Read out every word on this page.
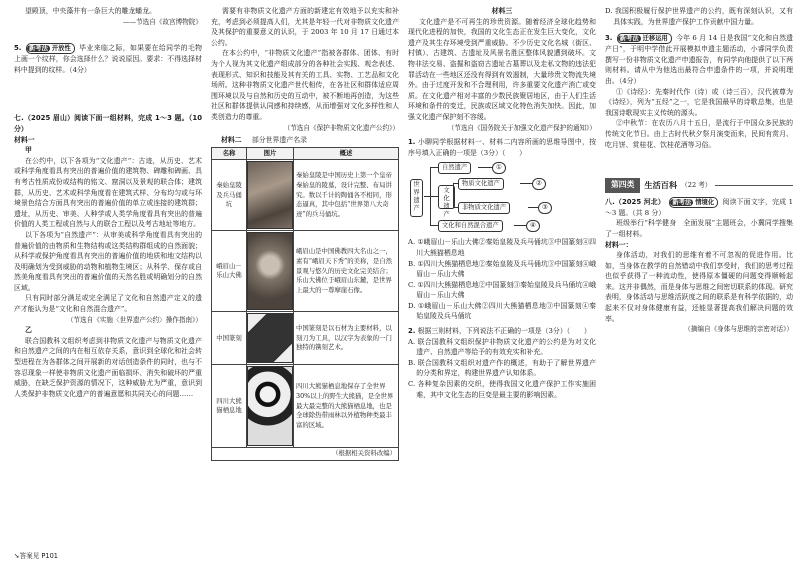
望殿顶，中央藻井有一条巨大的雕龙蟠龙。

——节选自《故宫博物院》

5. 新考法 开放性 毕业来临之际，如果要在给同学的毛物上画一个纹样，你会选择什么？说说原因。要求：不得选择材料中提到的纹样。（4分）

七.（2025 眉山）阅读下面一组材料，完成 1～3 题。（10分）

材料一

甲

在公约中，以下各项为“文化遗产”：古迹，从历史、艺术或科学角度看具有突出的普遍价值的建筑物、碑雕和碑画、具有考古性质成份或结构的铭文、窟洞以及景观的联合体；建筑群，从历史、艺术或科学角度看在建筑式样、分布均匀或与环境景色结合方面具有突出的普遍价值的单立或连接的建筑群；遗址，从历史、审美、人种学或人类学角度看具有突出的普遍价值的人类工程或自然与人的联合工程以及考古地址等地方。

以下各项为“自然遗产”：从审美或科学角度看具有突出的普遍价值的由物质和生物结构或这类结构群组成的自然面貌；从科学或保护角度看具有突出的普遍价值的地质和地文结构以及明确划为受到威胁的动物和植物生境区；从科学、保存或自然美角度看具有突出的普遍价值的天然名胜或明确划分的自然区域。

只有同时部分满足或完全满足了文化和自然遗产定义的遗产才能认为是“文化和自然混合遗产”。

（节选自《实施〈世界遗产公约〉操作指南》）

乙

联合国教科文组织考虑到非物质文化遗产与物质文化遗产和自然遗产之间的内在相互依存关系，意识到全球化和社会转型进程在为各群体之间开展新的对话创造条件的同时，也与不容忍现象一样使非物质文化遗产面临损坏、消失和破坏的严重威胁，在缺乏保护资源的情况下，这种威胁尤为严重，意识到人类保护非物质文化遗产的普遍意愿和共同关心的问题……

需要有非物质文化遗产方面的新建定有效地予以充实和补充，考虑到必须提高人们，尤其是年轻一代对非物质文化遗产及其保护的重要意义的认识，于 2003 年 10 月 17 日通过本公约。

在本公约中，“非物质文化遗产”指被各群体、团体、有时为个人视为其文化遗产组成部分的各种社会实践、观念表述、表现形式、知识和技能及其有关的工具、实物、工艺品和文化场所。这种非物质文化遗产世代相传，在各社区和群体适应周围环境以及与自然和历史的互动中，被不断地再创造，为这些社区和群体提供认同感和持续感，从而增强对文化多样性和人类创造力的尊重。

（节选自《保护非物质文化遗产公约》）

材料二 部分世界遗产名录

名称	图片	概述
秦始皇陵及兵马俑坑		秦始皇陵是中国历史上第一个皇帝秦始皇的陵墓，设计完整、布局讲究。数以千计的陶俑各不相同，形态逼真，其中包括“世界第八大奇迹”的兵马俑坑。
峨眉山－乐山大佛		峨眉山是中国佛教四大名山之一，素有“峨眉天下秀”的美称，是自然景观与悠久的历史文化完美结合；乐山大佛位于峨眉山东麓，是世界上最大的一尊摩崖石像。
中国篆刻		中国篆刻是以石材为主要材料，以刻刀为工具，以汉字为表象的一门独特的镌刻艺术。
四川大熊猫栖息地		四川大熊猫栖息地保存了全世界 30%以上的野生大熊猫，是全世界最大最完整的大熊猫栖息地，也是全球除热带雨林以外植物种类最丰富的区域。
（根据相关资料改编）		

材料三

文化遗产是不可再生的珍贵资源。随着经济全球化趋势和现代化进程的加快，我国的文化生态正在发生巨大变化，文化遗产及其生存环境受到严重威胁。不少历史文化名城（街区、村镇）、古建筑、古遗址及风景名胜区整体风貌遭到破坏。文物非法交易、盗掘和盗窃古遗址古墓葬以及走私文物的违法犯罪活动在一些地区还没有得到有效遏制，大量珍贵文物流失境外。由于过度开发和不合理利用，许多重要文化遗产消亡或变质。在文化遗产相对丰富的少数民族聚居地区，由于人们生活环境和条件的变迁，民族或区域文化特色消失加快。因此，加强文化遗产保护刻不容缓。

（节选自《国务院关于加强文化遗产保护的通知》）

1. 小聊同学根据材料一、材料二内容所画的思维导图中，按序号填入正确的一项是（3分）（　　）

世界遗产
自然遗产	①
文化遗产
物质文化遗产	②
非物质文化遗产	③
文化和自然混合遗产	④

A. ①峨眉山－乐山大佛②秦始皇陵及兵马俑坑③中国篆刻④四川大熊猫栖息地

B. ①四川大熊猫栖息地②秦始皇陵及兵马俑坑③中国篆刻④峨眉山－乐山大佛

C. ①四川大熊猫栖息地②中国篆刻③秦始皇陵及兵马俑坑④峨眉山－乐山大佛

D. ①峨眉山－乐山大佛②四川大熊猫栖息地③中国篆刻④秦始皇陵及兵马俑坑

2. 根据三则材料，下列说法不正确的一项是（3分）（　　）

A. 联合国教科文组织保护非物质文化遗产的公约是为对文化遗产、自然遗产等给予的有效充实和补充。

B. 联合国教科文组织对遗产作的概述，有助于了解世界遗产的分类和界定，构建世界遗产认知体系。

C. 各种复杂因素的交织，使得我国文化遗产保护工作实施困难，其中文化生态的巨变是最主要的影响因素。

D. 我国积极履行保护世界遗产的公约，既有深刻认识，又有具体实践，为世界遗产保护工作贡献中国力量。

3. 新考法 迁移运用 今年 6 月 14 日是我国“文化和自然遗产日”，于明中学借此开展模拟申遗主题活动，小睿同学负责撰写一份非物质文化遗产申遗报告，有同学向他提供了以下两则材料。请从中为他选出最符合申遗条件的一项，并说明理由。（4分）

①《诗经》：先秦时代作（诗）或（诗三百），汉代被尊为《诗经》，列为“五经”之一，它是我国最早的诗歌总集，也是我国诗歌现实主义传统的源头。

②中秋节：在农历八月十五日，是流行于中国众多民族的传统文化节日。由上古时代秋夕祭月演变而来，民间有赏月、吃月饼、赏桂花、饮桂花酒等习俗。

第四类	生活百科 （22 考）

八.（2025 河北） 新考法 情境化 阅读下面文字，完成 1～3 题。（共 8 分）

班级举行“科学健身　全面发展”主题班会，小冀同学搜集了一组材料。

材料一：

身体活动，对我们的思维有着不可忽视的促进作用。比如，当身体在教学的自然错动中我们享受时，我们的思考过程也似乎获得了一种流动性，使得原本僵硬的问题变得顺畅起来。这并非偶然，而是身体与思维之间密切联系的体现。研究表明，身体活动与思维活跃度之间的联系是有科学依据的，动起来不仅对身体健康有益，还能显著提高我们解决问题的效率。

（摘编自《身体与思维的亲密对话》）

➘答案见 P101
